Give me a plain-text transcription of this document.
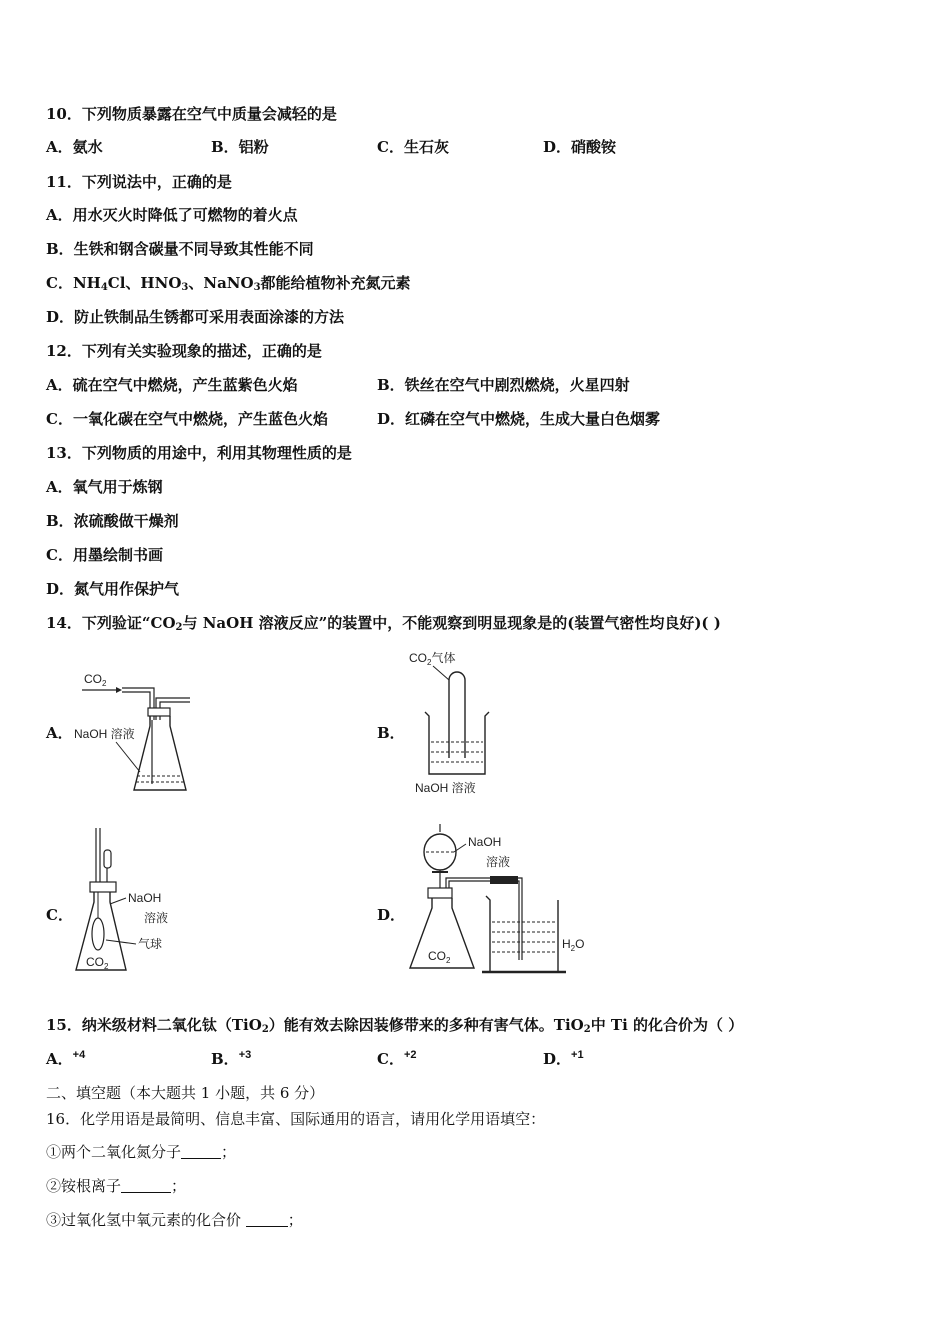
10．下列物质暴露在空气中质量会减轻的是
A．氨水	B．铝粉	C．生石灰	D．硝酸铵
11．下列说法中，正确的是
A．用水灭火时降低了可燃物的着火点
B．生铁和钢含碳量不同导致其性能不同
C．NH4Cl、HNO3、NaNO3都能给植物补充氮元素
D．防止铁制品生锈都可采用表面涂漆的方法
12．下列有关实验现象的描述，正确的是
A．硫在空气中燃烧，产生蓝紫色火焰	B．铁丝在空气中剧烈燃烧，火星四射
C．一氧化碳在空气中燃烧，产生蓝色火焰	D．红磷在空气中燃烧，生成大量白色烟雾
13．下列物质的用途中，利用其物理性质的是
A．氧气用于炼钢
B．浓硫酸做干燥剂
C．用墨绘制书画
D．氮气用作保护气
14．下列验证“CO2与 NaOH 溶液反应”的装置中，不能观察到明显现象是的(装置气密性均良好)( )
A．	B．
C．	D．
$CO_2$
NaOH 溶液
$CO_2$气体
NaOH 溶液
NaOH
溶液
气球
$CO_2$
NaOH
溶液
$CO_2$
$H_2O$
15．纳米级材料二氧化钛（TiO2）能有效去除因装修带来的多种有害气体。TiO2中 Ti 的化合价为（ ）
A．$^{+4}$	B．$^{+3}$	C．$^{+2}$	D．$^{+1}$
二、填空题（本大题共 1 小题，共 6 分）
16．化学用语是最简明、信息丰富、国际通用的语言，请用化学用语填空：
①两个二氧化氮分子	；
②铵根离子	；
③过氧化氢中氧元素的化合价	；
